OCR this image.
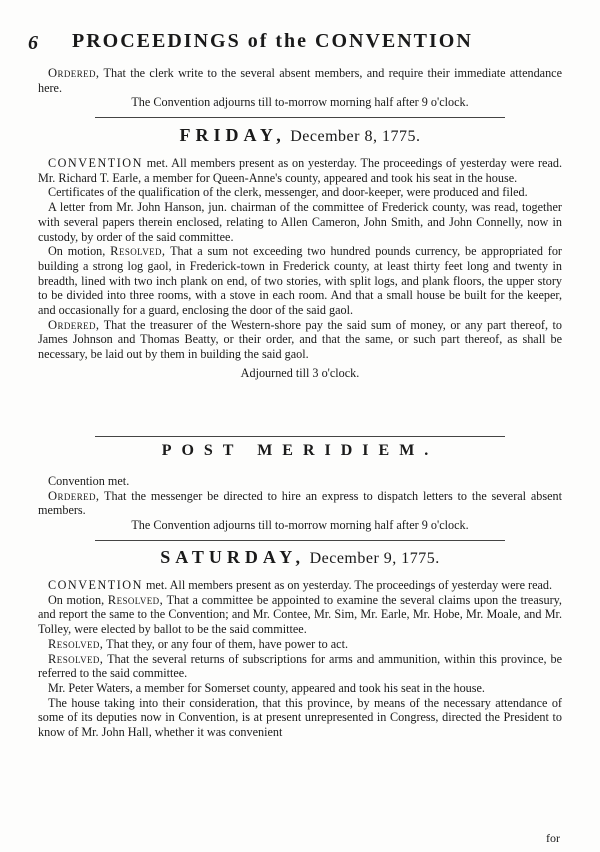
6 PROCEEDINGS of the CONVENTION

Ordered, That the clerk write to the several absent members, and require their immediate attendance here.

The Convention adjourns till to-morrow morning half after 9 o'clock.

FRIDAY, December 8, 1775.

CONVENTION met. All members present as on yesterday. The proceedings of yesterday were read. Mr. Richard T. Earle, a member for Queen-Anne's county, appeared and took his seat in the house.

Certificates of the qualification of the clerk, messenger, and door-keeper, were produced and filed.

A letter from Mr. John Hanson, jun. chairman of the committee of Frederick county, was read, together with several papers therein enclosed, relating to Allen Cameron, John Smith, and John Connelly, now in custody, by order of the said committee.

On motion, Resolved, That a sum not exceeding two hundred pounds currency, be appropriated for building a strong log gaol, in Frederick-town in Frederick county, at least thirty feet long and twenty in breadth, lined with two inch plank on end, of two stories, with split logs, and plank floors, the upper story to be divided into three rooms, with a stove in each room. And that a small house be built for the keeper, and occasionally for a guard, enclosing the door of the said gaol.

Ordered, That the treasurer of the Western-shore pay the said sum of money, or any part thereof, to James Johnson and Thomas Beatty, or their order, and that the same, or such part thereof, as shall be necessary, be laid out by them in building the said gaol.

Adjourned till 3 o'clock.

POST MERIDIEM.

Convention met.

Ordered, That the messenger be directed to hire an express to dispatch letters to the several absent members.

The Convention adjourns till to-morrow morning half after 9 o'clock.

SATURDAY, December 9, 1775.

CONVENTION met. All members present as on yesterday. The proceedings of yesterday were read.

On motion, Resolved, That a committee be appointed to examine the several claims upon the treasury, and report the same to the Convention; and Mr. Contee, Mr. Sim, Mr. Earle, Mr. Hobe, Mr. Moale, and Mr. Tolley, were elected by ballot to be the said committee.

Resolved, That they, or any four of them, have power to act.

Resolved, That the several returns of subscriptions for arms and ammunition, within this province, be referred to the said committee.

Mr. Peter Waters, a member for Somerset county, appeared and took his seat in the house.

The house taking into their consideration, that this province, by means of the necessary attendance of some of its deputies now in Convention, is at present unrepresented in Congress, directed the President to know of Mr. John Hall, whether it was convenient

for
